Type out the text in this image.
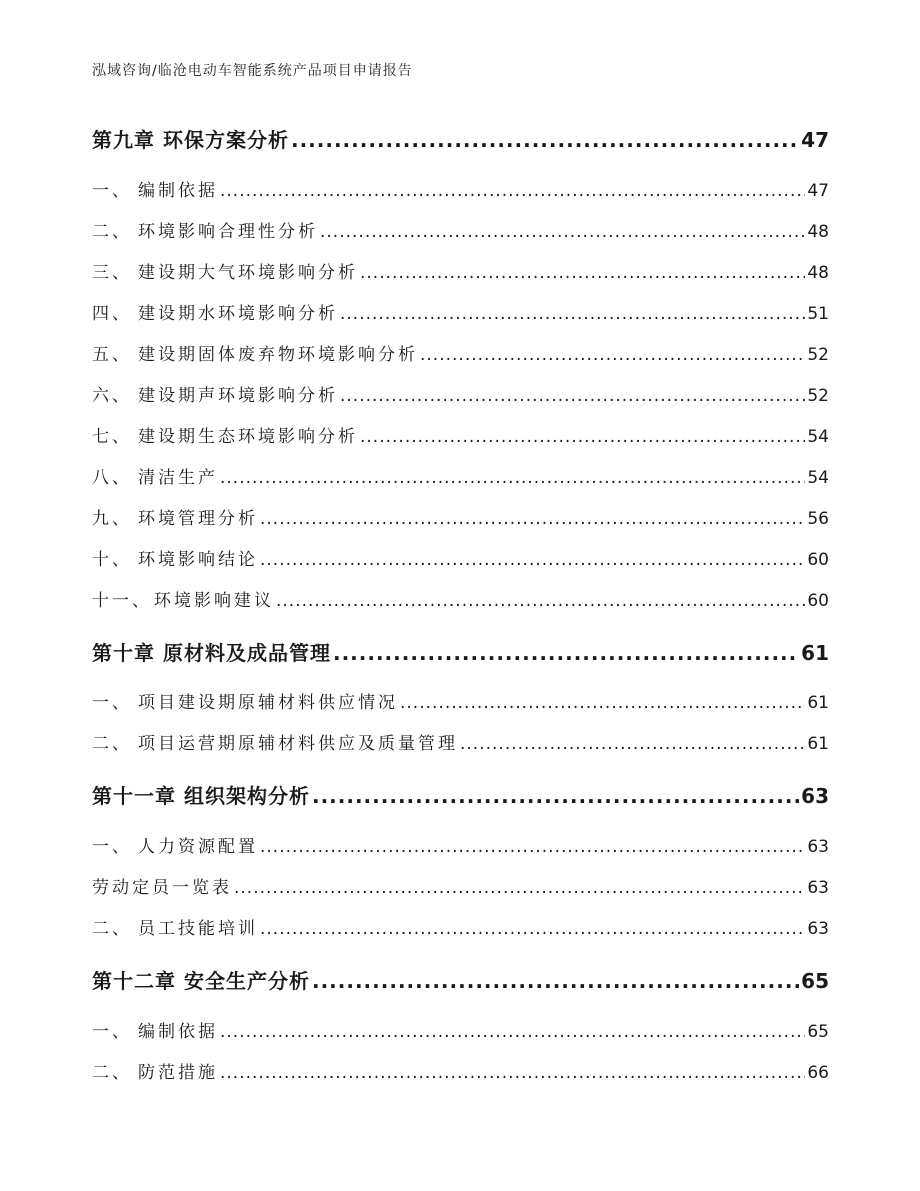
泓域咨询/临沧电动车智能系统产品项目申请报告
第九章 环保方案分析 .....	47
一、 编制依据 .....	47
二、 环境影响合理性分析 .....	48
三、 建设期大气环境影响分析 .....	48
四、 建设期水环境影响分析 .....	51
五、 建设期固体废弃物环境影响分析 .....	52
六、 建设期声环境影响分析 .....	52
七、 建设期生态环境影响分析 .....	54
八、 清洁生产 .....	54
九、 环境管理分析 .....	56
十、 环境影响结论 .....	60
十一、 环境影响建议 .....	60
第十章 原材料及成品管理 .....	61
一、 项目建设期原辅材料供应情况 .....	61
二、 项目运营期原辅材料供应及质量管理 .....	61
第十一章 组织架构分析 .....	63
一、 人力资源配置 .....	63
劳动定员一览表 .....	63
二、 员工技能培训 .....	63
第十二章 安全生产分析 .....	65
一、 编制依据 .....	65
二、 防范措施 .....	66
